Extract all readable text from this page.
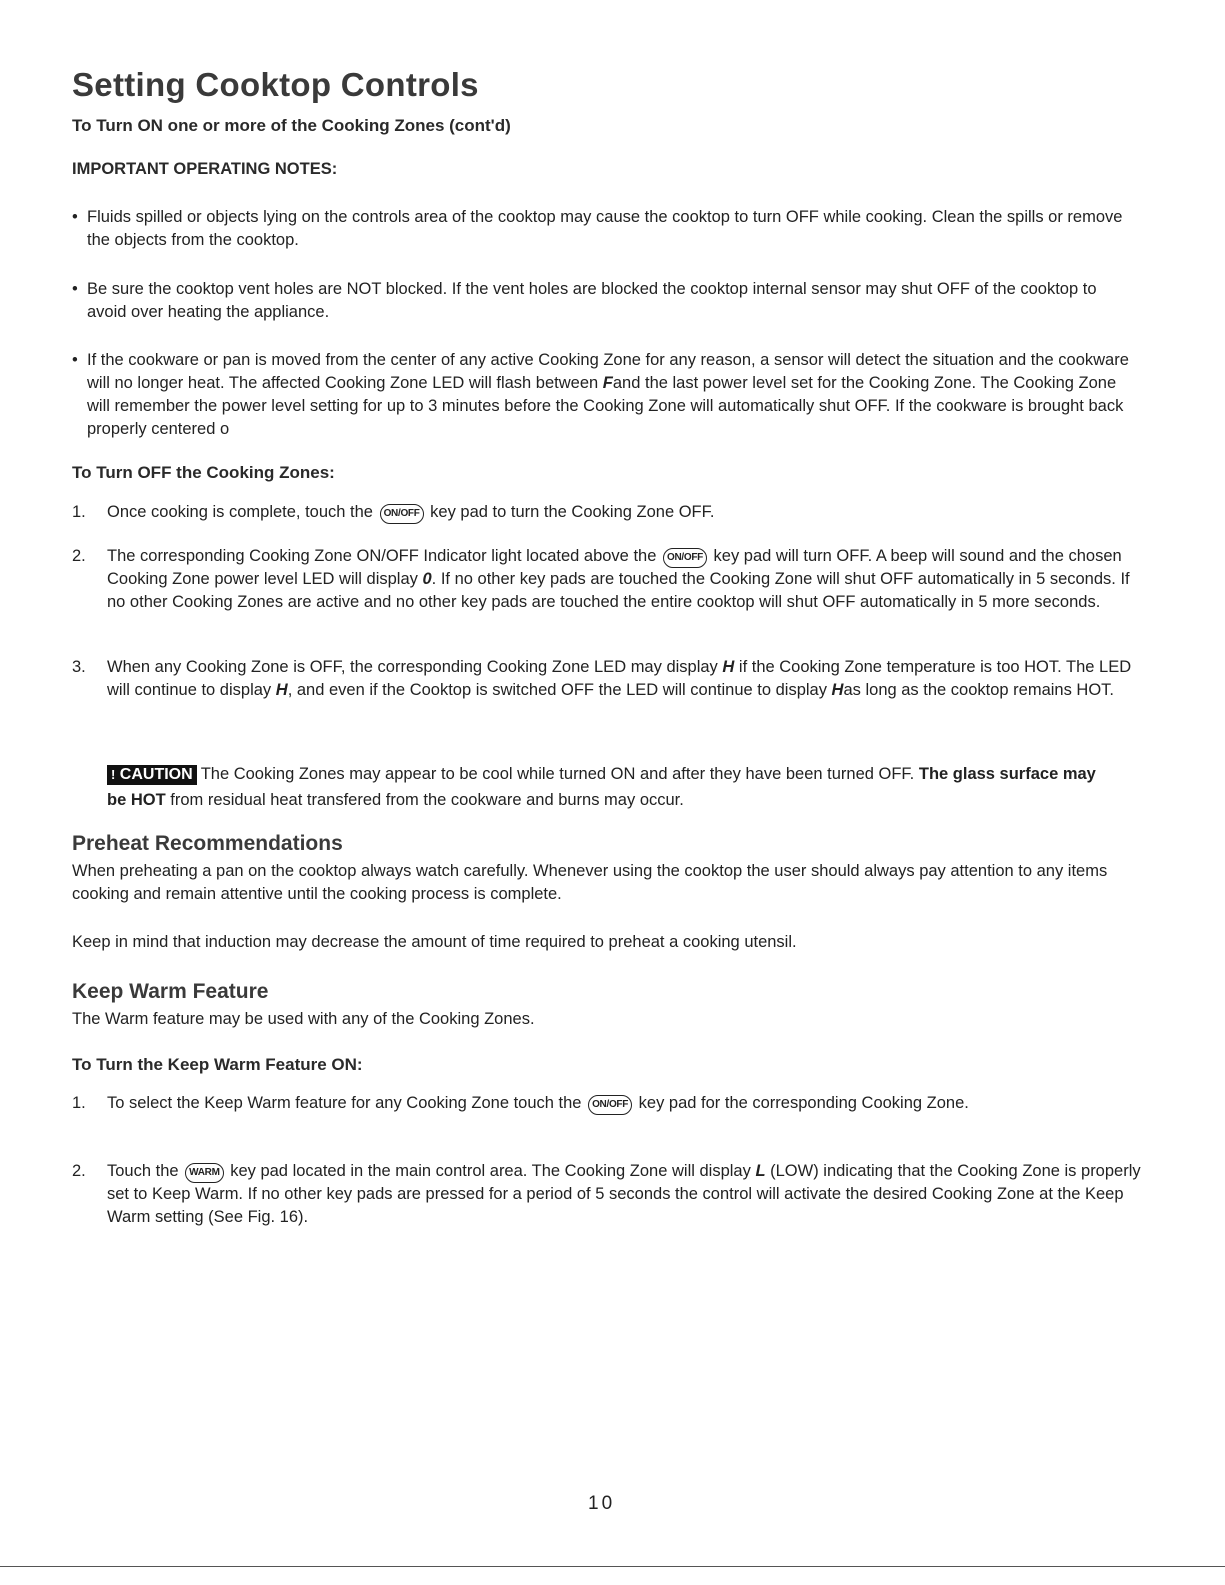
Setting Cooktop Controls
To Turn ON one or more of the Cooking Zones (cont'd)
IMPORTANT OPERATING NOTES:
• Fluids spilled or objects lying on the controls area of the cooktop may cause the cooktop to turn OFF while cooking. Clean the spills or remove the objects from the cooktop.
• Be sure the cooktop vent holes are NOT blocked. If the vent holes are blocked the cooktop internal sensor may shut OFF of the cooktop to avoid over heating the appliance.
• If the cookware or pan is moved from the center of any active Cooking Zone for any reason, a sensor will detect the situation and the cookware will no longer heat. The affected Cooking Zone LED will flash between Fand the last power level set for the Cooking Zone. The Cooking Zone will remember the power level setting for up to 3 minutes before the Cooking Zone will automatically shut OFF. If the cookware is brought back properly centered o
To Turn OFF the Cooking Zones:
1. Once cooking is complete, touch the ON/OFF key pad to turn the Cooking Zone OFF.
2. The corresponding Cooking Zone ON/OFF Indicator light located above the ON/OFF key pad will turn OFF. A beep will sound and the chosen Cooking Zone power level LED will display 0. If no other key pads are touched the Cooking Zone will shut OFF automatically in 5 seconds. If no other Cooking Zones are active and no other key pads are touched the entire cooktop will shut OFF automatically in 5 more seconds.
3. When any Cooking Zone is OFF, the corresponding Cooking Zone LED may display H if the Cooking Zone temperature is too HOT. The LED will continue to display H, and even if the Cooktop is switched OFF the LED will continue to display Has long as the cooktop remains HOT.
! CAUTION The Cooking Zones may appear to be cool while turned ON and after they have been turned OFF. The glass surface may be HOT from residual heat transfered from the cookware and burns may occur.
Preheat Recommendations
When preheating a pan on the cooktop always watch carefully. Whenever using the cooktop the user should always pay attention to any items cooking and remain attentive until the cooking process is complete.
Keep in mind that induction may decrease the amount of time required to preheat a cooking utensil.
Keep Warm Feature
The Warm feature may be used with any of the Cooking Zones.
To Turn the Keep Warm Feature ON:
1. To select the Keep Warm feature for any Cooking Zone touch the ON/OFF key pad for the corresponding Cooking Zone.
2. Touch the WARM key pad located in the main control area. The Cooking Zone will display L (LOW) indicating that the Cooking Zone is properly set to Keep Warm. If no other key pads are pressed for a period of 5 seconds the control will activate the desired Cooking Zone at the Keep Warm setting (See Fig. 16).
10
